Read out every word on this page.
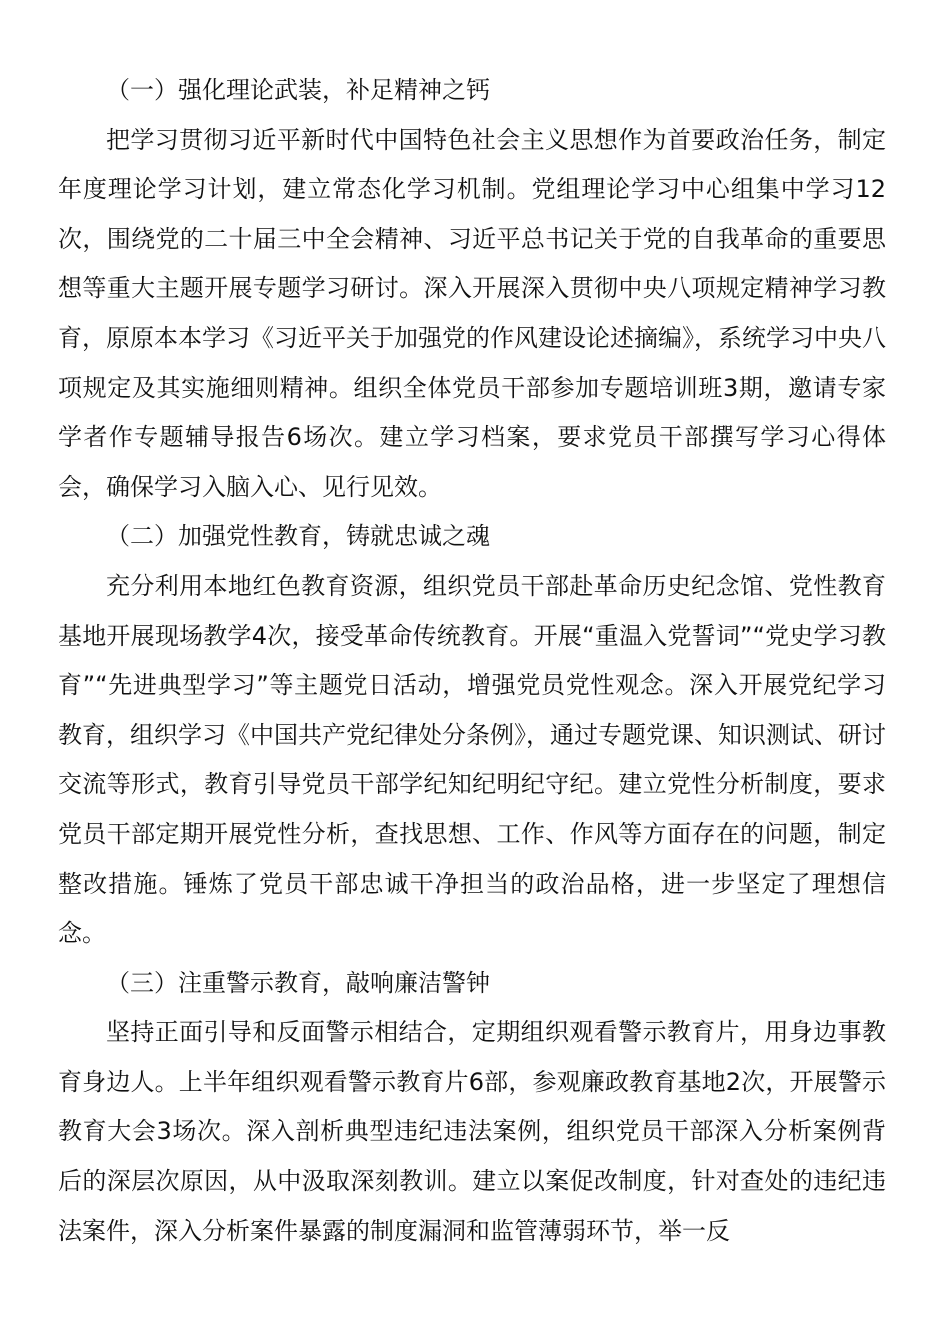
（一）强化理论武装，补足精神之钙

把学习贯彻习近平新时代中国特色社会主义思想作为首要政治任务，制定年度理论学习计划，建立常态化学习机制。党组理论学习中心组集中学习12次，围绕党的二十届三中全会精神、习近平总书记关于党的自我革命的重要思想等重大主题开展专题学习研讨。深入开展深入贯彻中央八项规定精神学习教育，原原本本学习《习近平关于加强党的作风建设论述摘编》，系统学习中央八项规定及其实施细则精神。组织全体党员干部参加专题培训班3期，邀请专家学者作专题辅导报告6场次。建立学习档案，要求党员干部撰写学习心得体会，确保学习入脑入心、见行见效。

（二）加强党性教育，铸就忠诚之魂

充分利用本地红色教育资源，组织党员干部赴革命历史纪念馆、党性教育基地开展现场教学4次，接受革命传统教育。开展“重温入党誓词”“党史学习教育”“先进典型学习”等主题党日活动，增强党员党性观念。深入开展党纪学习教育，组织学习《中国共产党纪律处分条例》，通过专题党课、知识测试、研讨交流等形式，教育引导党员干部学纪知纪明纪守纪。建立党性分析制度，要求党员干部定期开展党性分析，查找思想、工作、作风等方面存在的问题，制定整改措施。锤炼了党员干部忠诚干净担当的政治品格，进一步坚定了理想信念。

（三）注重警示教育，敲响廉洁警钟

坚持正面引导和反面警示相结合，定期组织观看警示教育片，用身边事教育身边人。上半年组织观看警示教育片6部，参观廉政教育基地2次，开展警示教育大会3场次。深入剖析典型违纪违法案例，组织党员干部深入分析案例背后的深层次原因，从中汲取深刻教训。建立以案促改制度，针对查处的违纪违法案件，深入分析案件暴露的制度漏洞和监管薄弱环节，举一反
